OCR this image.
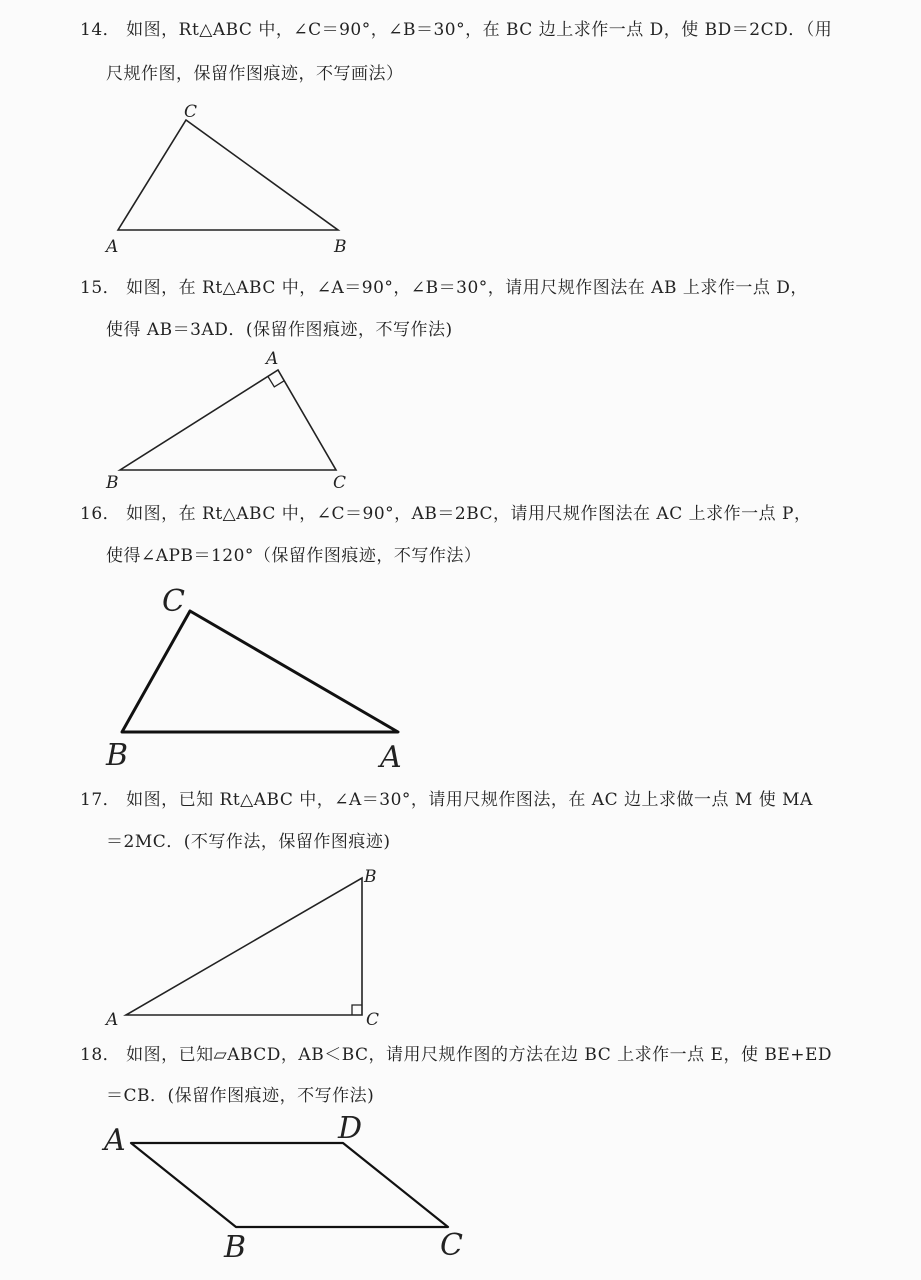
14． 如图，Rt△ABC 中，∠C＝90°，∠B＝30°，在 BC 边上求作一点 D，使 BD＝2CD．（用
尺规作图，保留作图痕迹，不写画法）
15． 如图，在 Rt△ABC 中，∠A＝90°，∠B＝30°，请用尺规作图法在 AB 上求作一点 D，
使得 AB＝3AD．(保留作图痕迹，不写作法)
16． 如图，在 Rt△ABC 中，∠C＝90°，AB＝2BC，请用尺规作图法在 AC 上求作一点 P，
使得∠APB＝120°（保留作图痕迹，不写作法）
17． 如图，已知 Rt△ABC 中，∠A＝30°，请用尺规作图法，在 AC 边上求做一点 M 使 MA
＝2MC．(不写作法，保留作图痕迹)
18． 如图，已知▱ABCD，AB＜BC，请用尺规作图的方法在边 BC 上求作一点 E，使 BE+ED
＝CB．(保留作图痕迹，不写作法)
C
A	B
A
B	C
C
B	A
B
A	C
A	D
B	C
